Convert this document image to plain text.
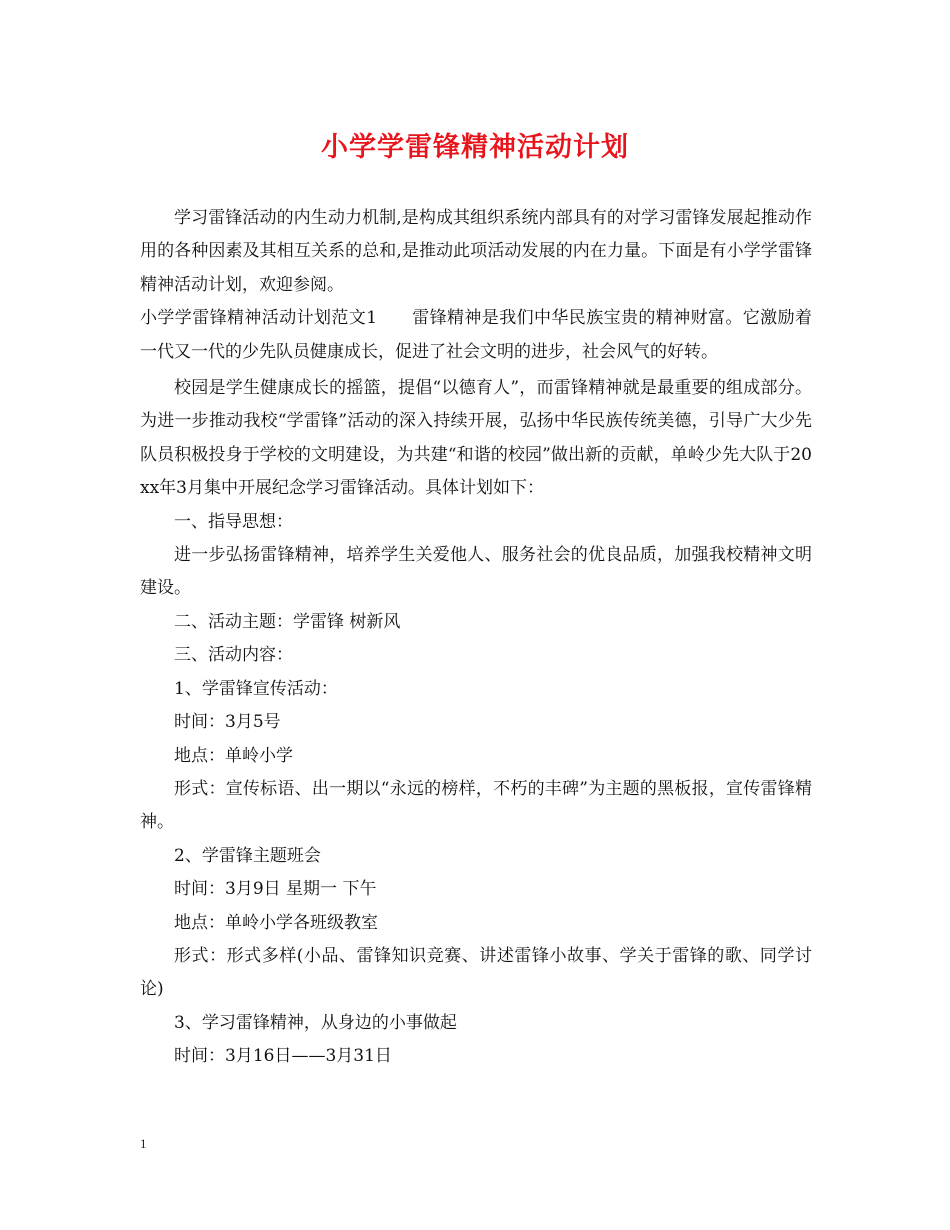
小学学雷锋精神活动计划

学习雷锋活动的内生动力机制,是构成其组织系统内部具有的对学习雷锋发展起推动作用的各种因素及其相互关系的总和,是推动此项活动发展的内在力量。下面是有小学学雷锋精神活动计划，欢迎参阅。

小学学雷锋精神活动计划范文1　　雷锋精神是我们中华民族宝贵的精神财富。它激励着一代又一代的少先队员健康成长，促进了社会文明的进步，社会风气的好转。

校园是学生健康成长的摇篮，提倡“以德育人”，而雷锋精神就是最重要的组成部分。为进一步推动我校“学雷锋”活动的深入持续开展，弘扬中华民族传统美德，引导广大少先队员积极投身于学校的文明建设，为共建“和谐的校园”做出新的贡献，单岭少先大队于20xx年3月集中开展纪念学习雷锋活动。具体计划如下：

一、指导思想：

进一步弘扬雷锋精神，培养学生关爱他人、服务社会的优良品质，加强我校精神文明建设。

二、活动主题：学雷锋 树新风

三、活动内容：

1、学雷锋宣传活动：

时间：3月5号

地点：单岭小学

形式：宣传标语、出一期以“永远的榜样，不朽的丰碑”为主题的黑板报，宣传雷锋精神。

2、学雷锋主题班会

时间：3月9日 星期一 下午

地点：单岭小学各班级教室

形式：形式多样(小品、雷锋知识竞赛、讲述雷锋小故事、学关于雷锋的歌、同学讨论)

3、学习雷锋精神，从身边的小事做起

时间：3月16日——3月31日

1
